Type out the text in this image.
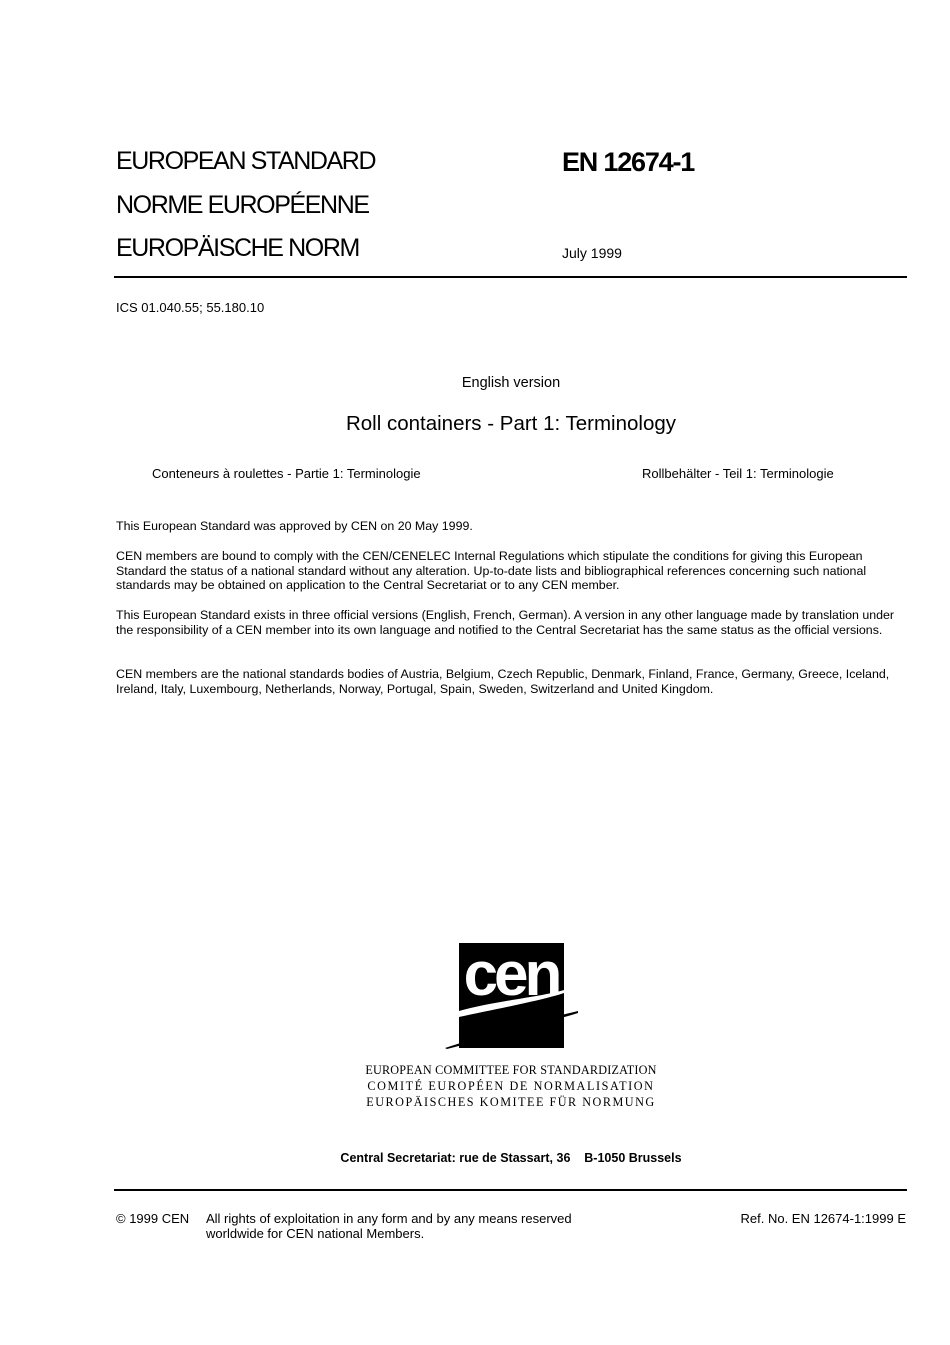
EUROPEAN STANDARD
NORME EUROPÉENNE
EUROPÄISCHE NORM
EN 12674-1
July 1999
ICS 01.040.55; 55.180.10
English version
Roll containers - Part 1: Terminology
Conteneurs à roulettes - Partie 1: Terminologie	Rollbehälter - Teil 1: Terminologie
This European Standard was approved by CEN on 20 May 1999.
CEN members are bound to comply with the CEN/CENELEC Internal Regulations which stipulate the conditions for giving this European Standard the status of a national standard without any alteration. Up-to-date lists and bibliographical references concerning such national standards may be obtained on application to the Central Secretariat or to any CEN member.
This European Standard exists in three official versions (English, French, German). A version in any other language made by translation under the responsibility of a CEN member into its own language and notified to the Central Secretariat has the same status as the official versions.
CEN members are the national standards bodies of Austria, Belgium, Czech Republic, Denmark, Finland, France, Germany, Greece, Iceland, Ireland, Italy, Luxembourg, Netherlands, Norway, Portugal, Spain, Sweden, Switzerland and United Kingdom.
cen
EUROPEAN COMMITTEE FOR STANDARDIZATION
COMITÉ EUROPÉEN DE NORMALISATION
EUROPÄISCHES KOMITEE FÜR NORMUNG
Central Secretariat: rue de Stassart, 36    B-1050 Brussels
© 1999 CEN All rights of exploitation in any form and by any means reserved
worldwide for CEN national Members.
Ref. No. EN 12674-1:1999 E
